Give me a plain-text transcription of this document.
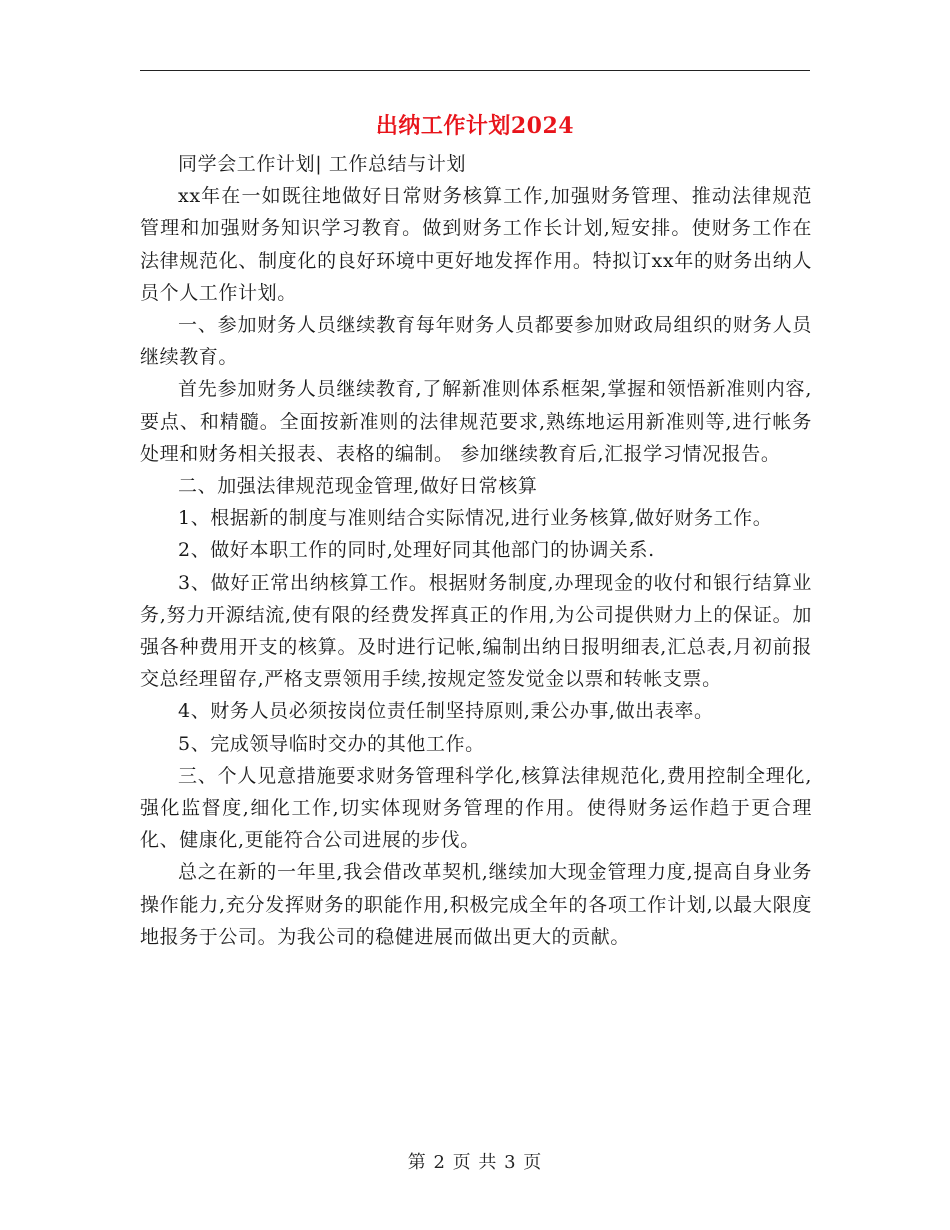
出纳工作计划2024

同学会工作计划| 工作总结与计划

xx年在一如既往地做好日常财务核算工作,加强财务管理、推动法律规范管理和加强财务知识学习教育。做到财务工作长计划,短安排。使财务工作在法律规范化、制度化的良好环境中更好地发挥作用。特拟订xx年的财务出纳人员个人工作计划。

一、参加财务人员继续教育每年财务人员都要参加财政局组织的财务人员继续教育。

首先参加财务人员继续教育,了解新准则体系框架,掌握和领悟新准则内容,要点、和精髓。全面按新准则的法律规范要求,熟练地运用新准则等,进行帐务处理和财务相关报表、表格的编制。 参加继续教育后,汇报学习情况报告。

二、加强法律规范现金管理,做好日常核算

1、根据新的制度与准则结合实际情况,进行业务核算,做好财务工作。

2、做好本职工作的同时,处理好同其他部门的协调关系.

3、做好正常出纳核算工作。根据财务制度,办理现金的收付和银行结算业务,努力开源结流,使有限的经费发挥真正的作用,为公司提供财力上的保证。加强各种费用开支的核算。及时进行记帐,编制出纳日报明细表,汇总表,月初前报交总经理留存,严格支票领用手续,按规定签发觉金以票和转帐支票。

4、财务人员必须按岗位责任制坚持原则,秉公办事,做出表率。

5、完成领导临时交办的其他工作。

三、个人见意措施要求财务管理科学化,核算法律规范化,费用控制全理化,强化监督度,细化工作,切实体现财务管理的作用。使得财务运作趋于更合理化、健康化,更能符合公司进展的步伐。

总之在新的一年里,我会借改革契机,继续加大现金管理力度,提高自身业务操作能力,充分发挥财务的职能作用,积极完成全年的各项工作计划,以最大限度地报务于公司。为我公司的稳健进展而做出更大的贡献。

第 2 页 共 3 页
